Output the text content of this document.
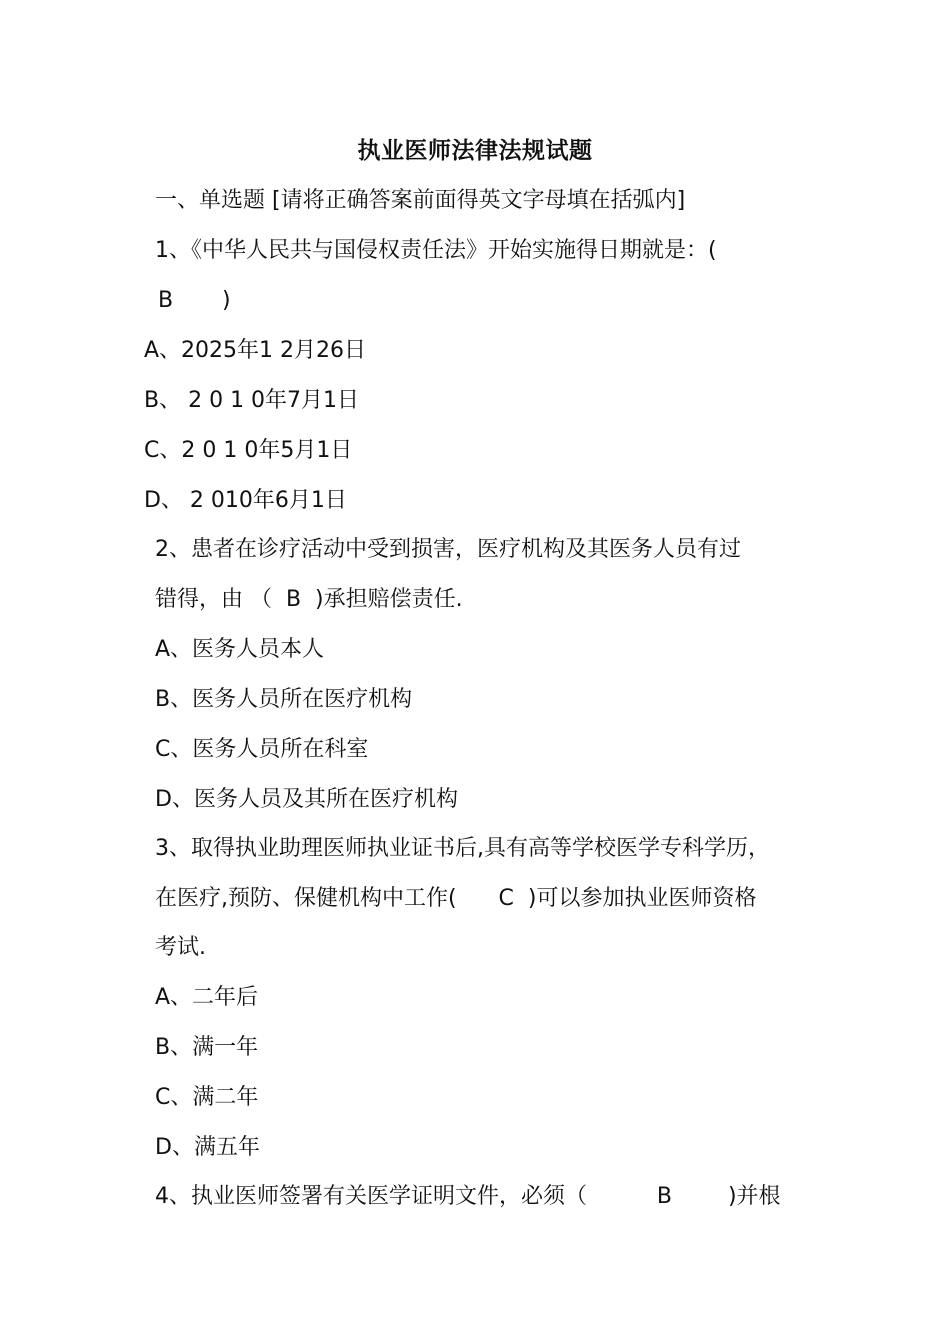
执业医师法律法规试题
一、单选题 [请将正确答案前面得英文字母填在括弧内]
1、《中华人民共与国侵权责任法》开始实施得日期就是：(
B       )
A、2025年1 2月26日
B、 2 0 1 0年7月1日
C、2 0 1 0年5月1日
D、 2 010年6月1日
2、患者在诊疗活动中受到损害，医疗机构及其医务人员有过
错得，由 （  B  )承担赔偿责任.
A、医务人员本人
B、医务人员所在医疗机构
C、医务人员所在科室
D、医务人员及其所在医疗机构
3、取得执业助理医师执业证书后,具有高等学校医学专科学历，
在医疗,预防、保健机构中工作(      C  )可以参加执业医师资格
考试.
A、二年后
B、满一年
C、满二年
D、满五年
4、执业医师签署有关医学证明文件，必须（          B        )并根
